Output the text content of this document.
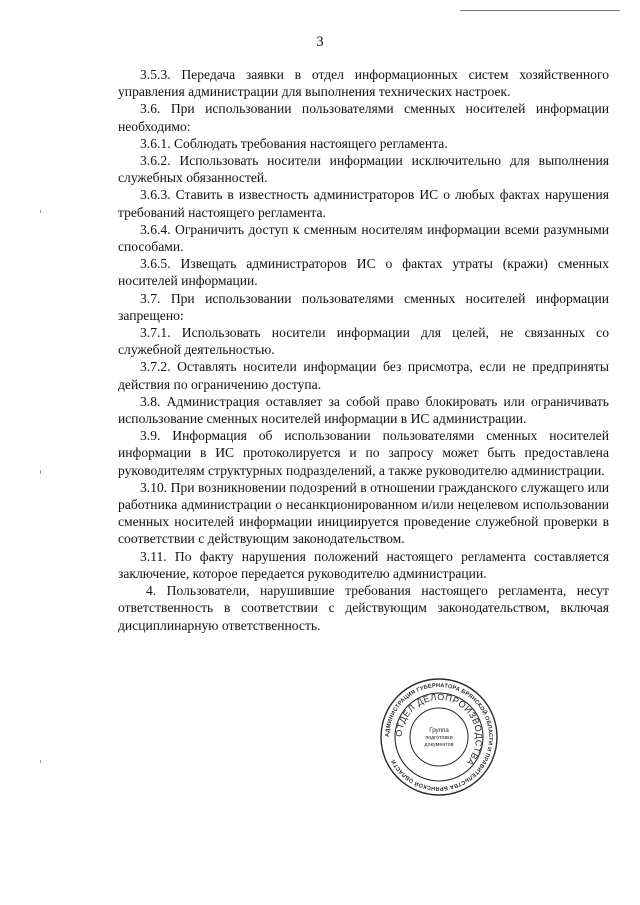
3

3.5.3. Передача заявки в отдел информационных систем хозяйственного управления администрации для выполнения технических настроек.

3.6. При использовании пользователями сменных носителей информации необходимо:

3.6.1. Соблюдать требования настоящего регламента.

3.6.2. Использовать носители информации исключительно для выполнения служебных обязанностей.

3.6.3. Ставить в известность администраторов ИС о любых фактах нарушения требований настоящего регламента.

3.6.4. Ограничить доступ к сменным носителям информации всеми разумными способами.

3.6.5. Извещать администраторов ИС о фактах утраты (кражи) сменных носителей информации.

3.7. При использовании пользователями сменных носителей информации запрещено:

3.7.1. Использовать носители информации для целей, не связанных со служебной деятельностью.

3.7.2. Оставлять носители информации без присмотра, если не предприняты действия по ограничению доступа.

3.8. Администрация оставляет за собой право блокировать или ограничивать использование сменных носителей информации в ИС администрации.

3.9. Информация об использовании пользователями сменных носителей информации в ИС протоколируется и по запросу может быть предоставлена руководителям структурных подразделений, а также руководителю администрации.

3.10. При возникновении подозрений в отношении гражданского служащего или работника администрации о несанкционированном и/или нецелевом использовании сменных носителей информации инициируется проведение служебной проверки в соответствии с действующим законодательством.

3.11. По факту нарушения положений настоящего регламента составляется заключение, которое передается руководителю администрации.

4. Пользователи, нарушившие требования настоящего регламента, несут ответственность в соответствии с действующим законодательством, включая дисциплинарную ответственность.

АДМИНИСТРАЦИЯ ГУБЕРНАТОРА БРЯНСКОЙ ОБЛАСТИ И ПРАВИТЕЛЬСТВА БРЯНСКОЙ ОБЛАСТИ
ОТДЕЛ ДЕЛОПРОИЗВОДСТВА
Группа
подготовки
документов
